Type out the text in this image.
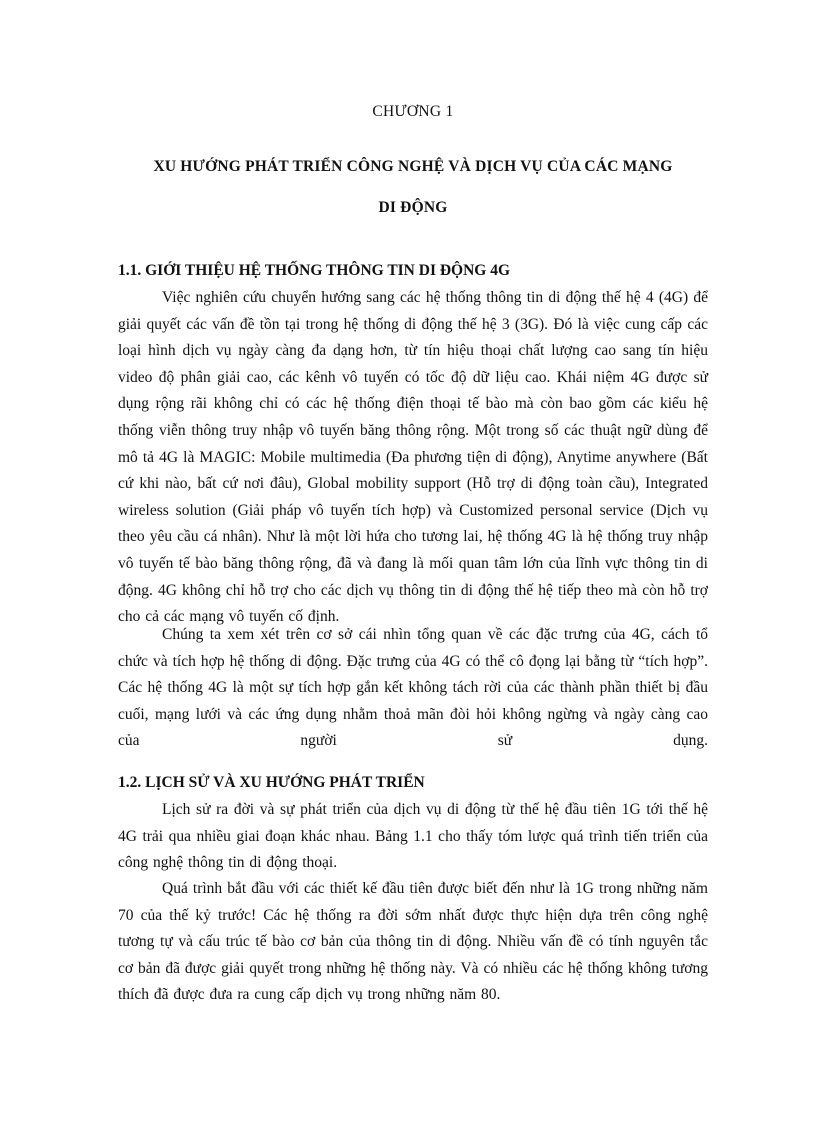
CHƯƠNG 1
XU HƯỚNG PHÁT TRIỂN CÔNG NGHỆ VÀ DỊCH VỤ CỦA CÁC MẠNG
DI ĐỘNG
1.1. GIỚI THIỆU HỆ THỐNG THÔNG TIN DI ĐỘNG 4G
Việc nghiên cứu chuyển hướng sang các hệ thống thông tin di động thế hệ 4 (4G) để giải quyết các vấn đề tồn tại trong hệ thống di động thế hệ 3 (3G). Đó là việc cung cấp các loại hình dịch vụ ngày càng đa dạng hơn, từ tín hiệu thoại chất lượng cao sang tín hiệu video độ phân giải cao, các kênh vô tuyến có tốc độ dữ liệu cao. Khái niệm 4G được sử dụng rộng rãi không chỉ có các hệ thống điện thoại tế bào mà còn bao gồm các kiểu hệ thống viễn thông truy nhập vô tuyến băng thông rộng. Một trong số các thuật ngữ dùng để mô tả 4G là MAGIC: Mobile multimedia (Đa phương tiện di động), Anytime anywhere (Bất cứ khi nào, bất cứ nơi đâu), Global mobility support (Hỗ trợ di động toàn cầu), Integrated wireless solution (Giải pháp vô tuyến tích hợp) và Customized personal service (Dịch vụ theo yêu cầu cá nhân). Như là một lời hứa cho tương lai, hệ thống 4G là hệ thống truy nhập vô tuyến tế bào băng thông rộng, đã và đang là mối quan tâm lớn của lĩnh vực thông tin di động. 4G không chỉ hỗ trợ cho các dịch vụ thông tin di động thế hệ tiếp theo mà còn hỗ trợ cho cả các mạng vô tuyến cố định.
Chúng ta xem xét trên cơ sở cái nhìn tổng quan về các đặc trưng của 4G, cách tổ chức và tích hợp hệ thống di động. Đặc trưng của 4G có thể cô đọng lại bằng từ “tích hợp”. Các hệ thống 4G là một sự tích hợp gắn kết không tách rời của các thành phần thiết bị đầu cuối, mạng lưới và các ứng dụng nhằm thoả mãn đòi hỏi không ngừng và ngày càng cao của người sử dụng.
1.2. LỊCH SỬ VÀ XU HƯỚNG PHÁT TRIỂN
Lịch sử ra đời và sự phát triển của dịch vụ di động từ thế hệ đầu tiên 1G tới thế hệ 4G trải qua nhiều giai đoạn khác nhau. Bảng 1.1 cho thấy tóm lược quá trình tiến triển của công nghệ thông tin di động thoại.
Quá trình bắt đầu với các thiết kế đầu tiên được biết đến như là 1G trong những năm 70 của thế kỷ trước! Các hệ thống ra đời sớm nhất được thực hiện dựa trên công nghệ tương tự và cấu trúc tế bào cơ bản của thông tin di động. Nhiều vấn đề có tính nguyên tắc cơ bản đã được giải quyết trong những hệ thống này. Và có nhiều các hệ thống không tương thích đã được đưa ra cung cấp dịch vụ trong những năm 80.
